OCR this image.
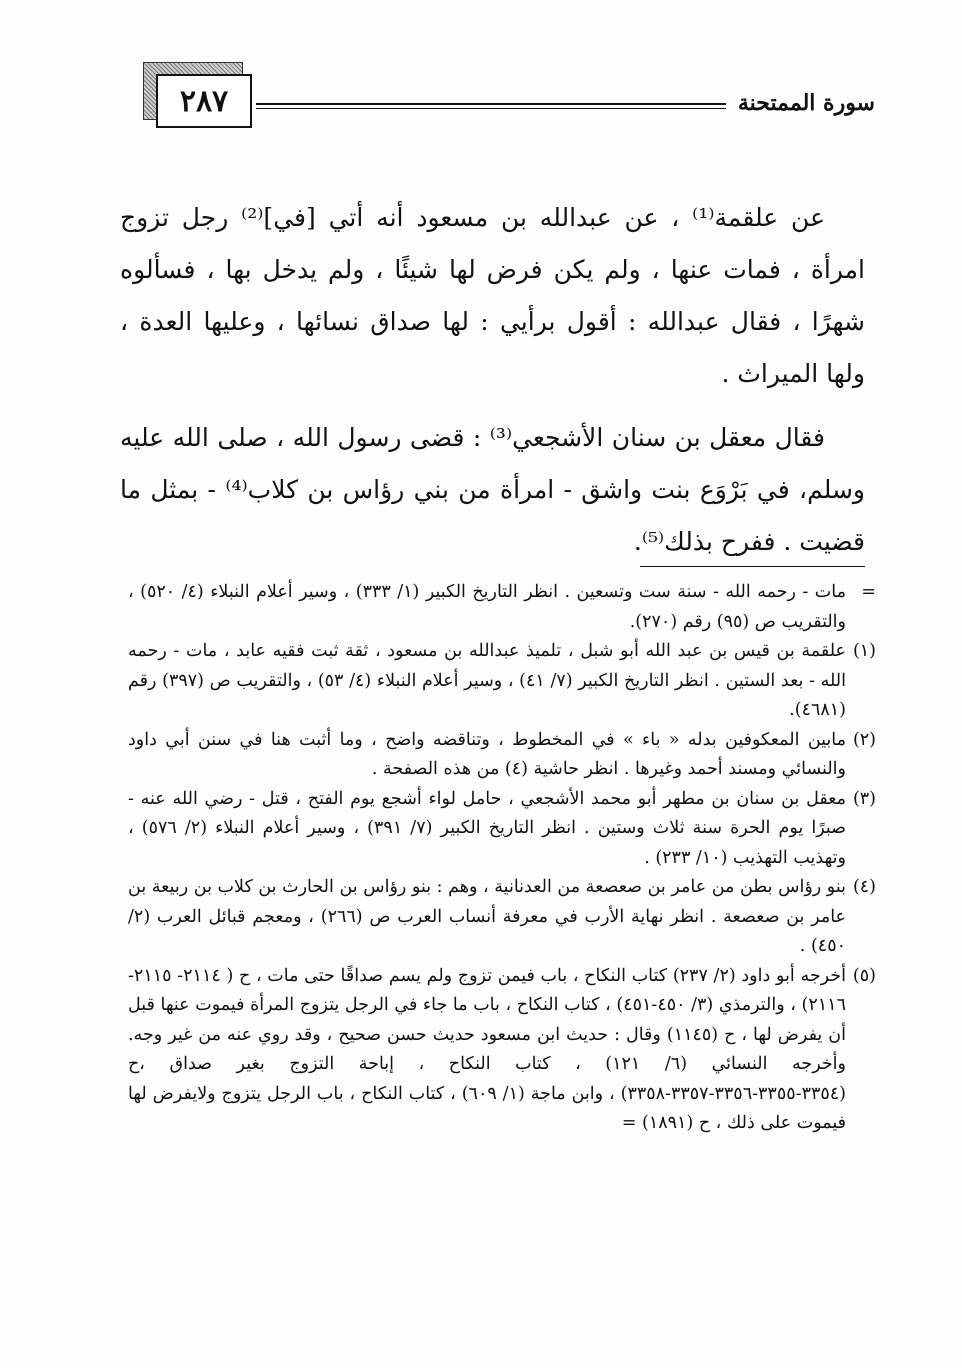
٢٨٧	سورة الممتحنة

عن علقمة⁽¹⁾ ، عن عبدالله بن مسعود أنه أتي [في]⁽²⁾ رجل تزوج امرأة ، فمات عنها ، ولم يكن فرض لها شيئًا ، ولم يدخل بها ، فسألوه شهرًا ، فقال عبدالله : أقول برأيي : لها صداق نسائها ، وعليها العدة ، ولها الميراث .

فقال معقل بن سنان الأشجعي⁽³⁾ : قضى رسول الله ، صلى الله عليه وسلم، في بَرْوَع بنت واشق - امرأة من بني رؤاس بن كلاب⁽⁴⁾ - بمثل ما قضيت . ففرح بذلك⁽⁵⁾.

=مات - رحمه الله - سنة ست وتسعين . انظر التاريخ الكبير (١/ ٣٣٣) ، وسير أعلام النبلاء (٤/ ٥٢٠) ، والتقريب ص (٩٥) رقم (٢٧٠).

(١)علقمة بن قيس بن عبد الله أبو شبل ، تلميذ عبدالله بن مسعود ، ثقة ثبت فقيه عابد ، مات - رحمه الله - بعد الستين . انظر التاريخ الكبير (٧/ ٤١) ، وسير أعلام النبلاء (٤/ ٥٣) ، والتقريب ص (٣٩٧) رقم (٤٦٨١).

(٢)مابين المعكوفين بدله « باء » في المخطوط ، وتناقضه واضح ، وما أثبت هنا في سنن أبي داود والنسائي ومسند أحمد وغيرها . انظر حاشية (٤) من هذه الصفحة .

(٣)معقل بن سنان بن مطهر أبو محمد الأشجعي ، حامل لواء أشجع يوم الفتح ، قتل - رضي الله عنه - صبرًا يوم الحرة سنة ثلاث وستين . انظر التاريخ الكبير (٧/ ٣٩١) ، وسير أعلام النبلاء (٢/ ٥٧٦) ، وتهذيب التهذيب (١٠/ ٢٣٣) .

(٤)بنو رؤاس بطن من عامر بن صعصعة من العدنانية ، وهم : بنو رؤاس بن الحارث بن كلاب بن ربيعة بن عامر بن صعصعة . انظر نهاية الأرب في معرفة أنساب العرب ص (٢٦٦) ، ومعجم قبائل العرب (٢/ ٤٥٠) .

(٥)أخرجه أبو داود (٢/ ٢٣٧) كتاب النكاح ، باب فيمن تزوج ولم يسم صداقًا حتى مات ، ح ( ٢١١٤- ٢١١٥- ٢١١٦) ، والترمذي (٣/ ٤٥٠-٤٥١) ، كتاب النكاح ، باب ما جاء في الرجل يتزوج المرأة فيموت عنها قبل أن يفرض لها ، ح (١١٤٥) وقال : حديث ابن مسعود حديث حسن صحيح ، وقد روي عنه من غير وجه. وأخرجه النسائي (٦/ ١٢١) ، كتاب النكاح ، إباحة التزوج بغير صداق ،ح (٣٣٥٤-٣٣٥٥-٣٣٥٦-٣٣٥٧-٣٣٥٨) ، وابن ماجة (١/ ٦٠٩) ، كتاب النكاح ، باب الرجل يتزوج ولايفرض لها فيموت على ذلك ، ح (١٨٩١) =
